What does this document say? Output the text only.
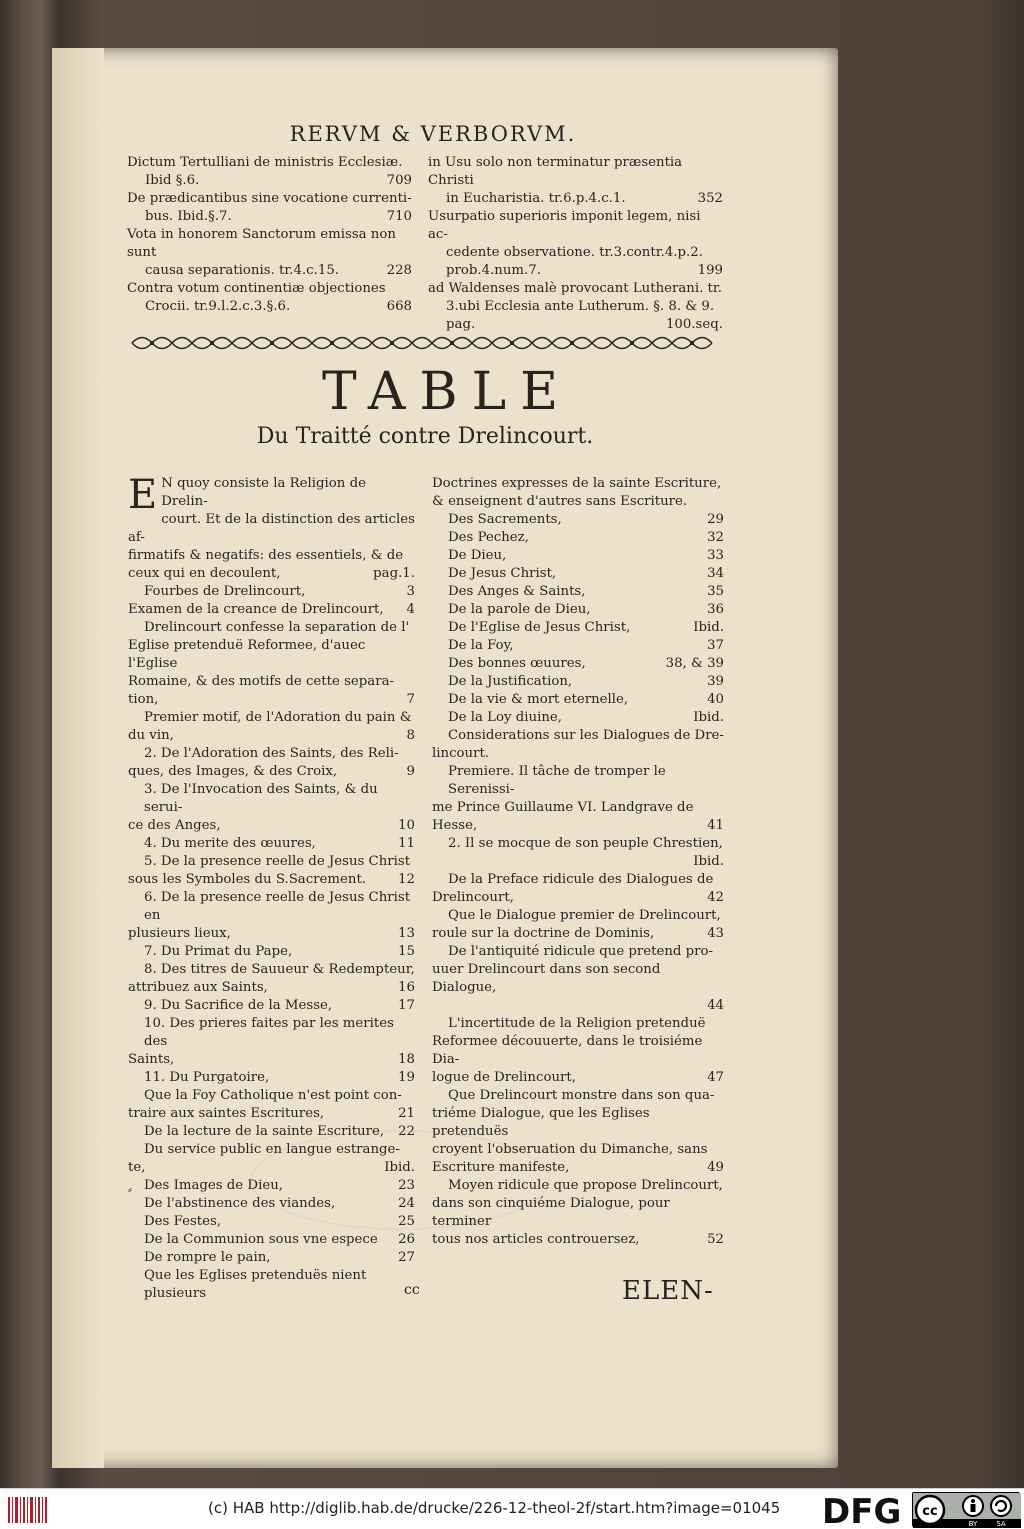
RERVM & VERBORVM.
Dictum Tertulliani de ministris Ecclesiæ.
Ibid §.6.	709
De prædicantibus sine vocatione currenti-
bus. Ibid.§.7.	710
Vota in honorem Sanctorum emissa non sunt
causa separationis. tr.4.c.15.	228
Contra votum continentiæ objectiones
Crocii. tr.9.l.2.c.3.§.6.	668
in Usu solo non terminatur præsentia Christi
in Eucharistia. tr.6.p.4.c.1.	352
Usurpatio superioris imponit legem, nisi ac-
cedente observatione. tr.3.contr.4.p.2.
prob.4.num.7.	199
ad Waldenses malè provocant Lutherani. tr.
3.ubi Ecclesia ante Lutherum. §. 8. & 9.
pag.	100.seq.
TABLE
Du Traitté contre Drelincourt.
E N quoy consiste la Religion de Drelin-
court. Et de la distinction des articles af-
firmatifs & negatifs: des essentiels, & de
ceux qui en decoulent,	pag.1.
Fourbes de Drelincourt,	3
Examen de la creance de Drelincourt, 4
Drelincourt confesse la separation de l'
Eglise pretenduë Reformee, d'auec l'Eglise
Romaine, & des motifs de cette separa-
tion,	7
Premier motif, de l'Adoration du pain &
du vin,	8
2. De l'Adoration des Saints, des Reli-
ques, des Images, & des Croix,	9
3. De l'Invocation des Saints, & du serui-
ce des Anges,	10
4. Du merite des œuures,	11
5. De la presence reelle de Jesus Christ
sous les Symboles du S.Sacrement. 12
6. De la presence reelle de Jesus Christ en
plusieurs lieux,	13
7. Du Primat du Pape,	15
8. Des titres de Sauueur & Redempteur,
attribuez aux Saints,	16
9. Du Sacrifice de la Messe,	17
10. Des prieres faites par les merites des
Saints,	18
11. Du Purgatoire,	19
Que la Foy Catholique n'est point con-
traire aux saintes Escritures,	21
De la lecture de la sainte Escriture, 22
Du service public en langue estrange-
te,	Ibid.
Des Images de Dieu,	23
De l'abstinence des viandes,	24
Des Festes,	25
De la Communion sous vne espece 26
De rompre le pain,	27
Que les Eglises pretenduës nient plusieurs
Doctrines expresses de la sainte Escriture,
& enseignent d'autres sans Escriture.
Des Sacrements,	29
Des Pechez,	32
De Dieu,	33
De Jesus Christ,	34
Des Anges & Saints,	35
De la parole de Dieu,	36
De l'Eglise de Jesus Christ,	Ibid.
De la Foy,	37
Des bonnes œuures,	38, & 39
De la Justification,	39
De la vie & mort eternelle,	40
De la Loy diuine,	Ibid.
Considerations sur les Dialogues de Dre-
lincourt.
Premiere. Il tâche de tromper le Serenissi-
me Prince Guillaume VI. Landgrave de
Hesse,	41
2. Il se mocque de son peuple Chrestien,
Ibid.
De la Preface ridicule des Dialogues de
Drelincourt,	42
Que le Dialogue premier de Drelincourt,
roule sur la doctrine de Dominis,	43
De l'antiquité ridicule que pretend pro-
uuer Drelincourt dans son second Dialogue,
44
L'incertitude de la Religion pretenduë
Reformee découuerte, dans le troisiéme Dia-
logue de Drelincourt,	47
Que Drelincourt monstre dans son qua-
triéme Dialogue, que les Eglises pretenduës
croyent l'obseruation du Dimanche, sans
Escriture manifeste,	49
Moyen ridicule que propose Drelincourt,
dans son cinquiéme Dialogue, pour terminer
tous nos articles controuersez,	52
⸗
cc	ELEN-
(c) HAB http://diglib.hab.de/drucke/226-12-theol-2f/start.htm?image=01045 DFG cc
BY	SA
